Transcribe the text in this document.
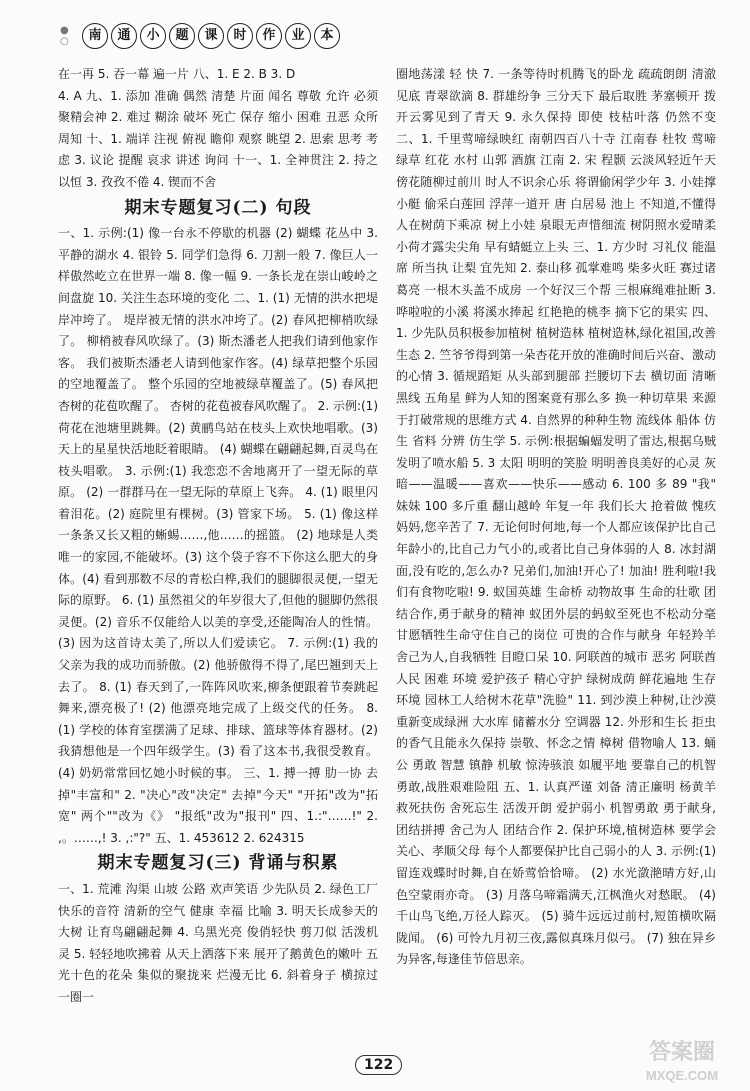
● ○	南	通	小	题	课	时	作	业	本

在一再 5. 吞一幕 遍一片 八、1. E 2. B 3. D

4. A 九、1. 添加 准确 偶然 清楚 片面 闻名 尊敬 允许 必须 聚精会神 2. 难过 糊涂 破坏 死亡 保存 缩小 困难 丑恶 众所周知 十、1. 端详 注视 俯视 瞻仰 观察 眺望 2. 思索 思考 考虑 3. 议论 提醒 哀求 讲述 询问 十一、1. 全神贯注 2. 持之以恒 3. 孜孜不倦 4. 锲而不舍

期末专题复习(二) 句段

一、1. 示例:(1) 像一台永不停歇的机器 (2) 蝴蝶 花丛中 3. 平静的湖水 4. 银铃 5. 同学们急得 6. 刀割一般 7. 像巨人一样傲然屹立在世界一端 8. 像一幅 9. 一条长龙在崇山峻岭之间盘旋 10. 关注生态环境的变化 二、1. (1) 无情的洪水把堤岸冲垮了。 堤岸被无情的洪水冲垮了。(2) 春风把柳梢吹绿了。 柳梢被春风吹绿了。(3) 斯杰潘老人把我们请到他家作客。 我们被斯杰潘老人请到他家作客。(4) 绿草把整个乐园的空地覆盖了。 整个乐园的空地被绿草覆盖了。(5) 春风把杏树的花苞吹醒了。 杏树的花苞被春风吹醒了。 2. 示例:(1) 荷花在池塘里跳舞。(2) 黄鹂鸟站在枝头上欢快地唱歌。(3) 天上的星星快活地眨着眼睛。 (4) 蝴蝶在翩翩起舞,百灵鸟在枝头唱歌。 3. 示例:(1) 我恋恋不舍地离开了一望无际的草原。 (2) 一群群马在一望无际的草原上飞奔。 4. (1) 眼里闪着泪花。(2) 庭院里有棵树。(3) 管家下场。 5. (1) 像这样一条条又长又粗的蜥蜴……,他……的摇篮。 (2) 地球是人类唯一的家园,不能破坏。(3) 这个袋子容不下你这么肥大的身体。(4) 看到那数不尽的青松白桦,我们的腿脚很灵便,一望无际的原野。 6. (1) 虽然祖父的年岁很大了,但他的腿脚仍然很灵便。(2) 音乐不仅能给人以美的享受,还能陶冶人的性情。(3) 因为这首诗太美了,所以人们爱读它。 7. 示例:(1) 我的父亲为我的成功而骄傲。(2) 他骄傲得不得了,尾巴翘到天上去了。 8. (1) 春天到了,一阵阵风吹来,柳条便跟着节奏跳起舞来,漂亮极了! (2) 他漂亮地完成了上级交代的任务。 8. (1) 学校的体育室摆满了足球、排球、篮球等体育器材。(2) 我猜想他是一个四年级学生。(3) 看了这本书,我很受教育。(4) 奶奶常常回忆她小时候的事。 三、1. 搏一搏 肋一协 去掉"丰富和" 2. "决心"改"决定" 去掉"今天" "开拓"改为"拓宽" 两个""改为《》 "报纸"改为"报刊" 四、1.:"……!" 2. ,。……,! 3. ,:"?" 五、1. 453612 2. 624315

期末专题复习(三) 背诵与积累

一、1. 荒滩 沟渠 山坡 公路 欢声笑语 少先队员 2. 绿色工厂 快乐的音符 清新的空气 健康 幸福 比喻 3. 明天长成参天的大树 让育鸟翩翩起舞 4. 乌黑光亮 俊俏轻快 剪刀似 活泼机灵 5. 轻轻地吹拂着 从天上洒落下来 展开了鹅黄色的嫩叶 五光十色的花朵 集似的聚拢来 烂漫无比 6. 斜着身子 横掠过 一圈一

圈地荡漾 轻 快 7. 一条等待时机腾飞的卧龙 疏疏朗朗 清澈见底 青翠欲滴 8. 群雄纷争 三分天下 最后取胜 茅塞顿开 拨开云雾见到了青天 9. 永久保持 即使 枝枯叶落 仍然不变 二、1. 千里莺啼绿映红 南朝四百八十寺 江南春 杜牧 莺啼 绿草 红花 水村 山郭 酒旗 江南 2. 宋 程颢 云淡风轻近午天 傍花随柳过前川 时人不识余心乐 将谓偷闲学少年 3. 小娃撑小艇 偷采白莲回 浮萍一道开 唐 白居易 池上 不知道,不懂得 人在树荫下乘凉 树上小娃 泉眼无声惜细流 树阴照水爱晴柔 小荷才露尖尖角 早有蜻蜓立上头 三、1. 方少时 习礼仪 能温席 所当执 让梨 宜先知 2. 泰山移 孤掌难鸣 柴多火旺 赛过诸葛亮 一根木头盖不成房 一个好汉三个帮 三根麻绳难扯断 3. 哗啦啦的小溪 将溪水捧起 红艳艳的桃李 摘下它的果实 四、1. 少先队员积极参加植树 植树造林 植树造林,绿化祖国,改善生态 2. 竺爷爷得到第一朵杏花开放的准确时间后兴奋、激动的心情 3. 循规蹈矩 从头部到腿部 拦腰切下去 横切面 清晰 黑线 五角星 鲜为人知的图案竟有那么多 换一种切草果 来源于打破常规的思维方式 4. 自然界的种种生物 流线体 船体 仿生 省料 分辨 仿生学 5. 示例:根据蝙蝠发明了雷达,根据乌贼发明了喷水船 5. 3 太阳 明明的笑脸 明明善良美好的心灵 灰暗——温暖——喜欢——快乐——感动 6. 100 多 89 "我" 妹妹 100 多斤重 翻山越岭 年复一年 我们长大 抢着做 愧疚 妈妈,您辛苦了 7. 无论何时何地,每一个人都应该保护比自己年龄小的,比自己力气小的,或者比自己身体弱的人 8. 冰封湖面,没有吃的,怎么办? 兄弟们,加油!开心了! 加油! 胜利啦!我们有食物吃啦! 9. 蚁国英雄 生命桥 动物故事 生命的壮歌 团结合作,勇于献身的精神 蚁团外层的蚂蚁至死也不松动分毫 甘愿牺牲生命守住自己的岗位 可贵的合作与献身 年轻羚羊 舍己为人,自我牺牲 目瞪口呆 10. 阿联酋的城市 恶劣 阿联酋人民 困难 环境 爱护孩子 精心守护 绿树成荫 鲜花遍地 生存环境 园林工人给树木花草"洗脸" 11. 到沙漠上种树,让沙漠重新变成绿洲 大水库 储蓄水分 空调器 12. 外形和生长 拒虫的香气且能永久保持 崇敬、怀念之情 樟树 借物喻人 13. 蛹公 勇敢 智慧 镇静 机敏 惊涛骇浪 如履平地 要靠自己的机智勇敢,战胜艰难险阻 五、1. 认真严谨 刘备 清正廉明 杨黄羊 救死扶伤 舍死忘生 活泼开朗 爱护弱小 机智勇敢 勇于献身,团结拼搏 舍己为人 团结合作 2. 保护环境,植树造林 要学会关心、孝顺父母 每个人都要保护比自己弱小的人 3. 示例:(1) 留连戏蝶时时舞,自在娇莺恰恰啼。 (2) 水光潋滟晴方好,山色空蒙雨亦奇。 (3) 月落乌啼霜满天,江枫渔火对愁眠。 (4) 千山鸟飞绝,万径人踪灭。 (5) 骑牛远远过前村,短笛横吹隔陇闻。 (6) 可怜九月初三夜,露似真珠月似弓。 (7) 独在异乡为异客,每逢佳节倍思亲。

122
答案圈
MXQE.COM
